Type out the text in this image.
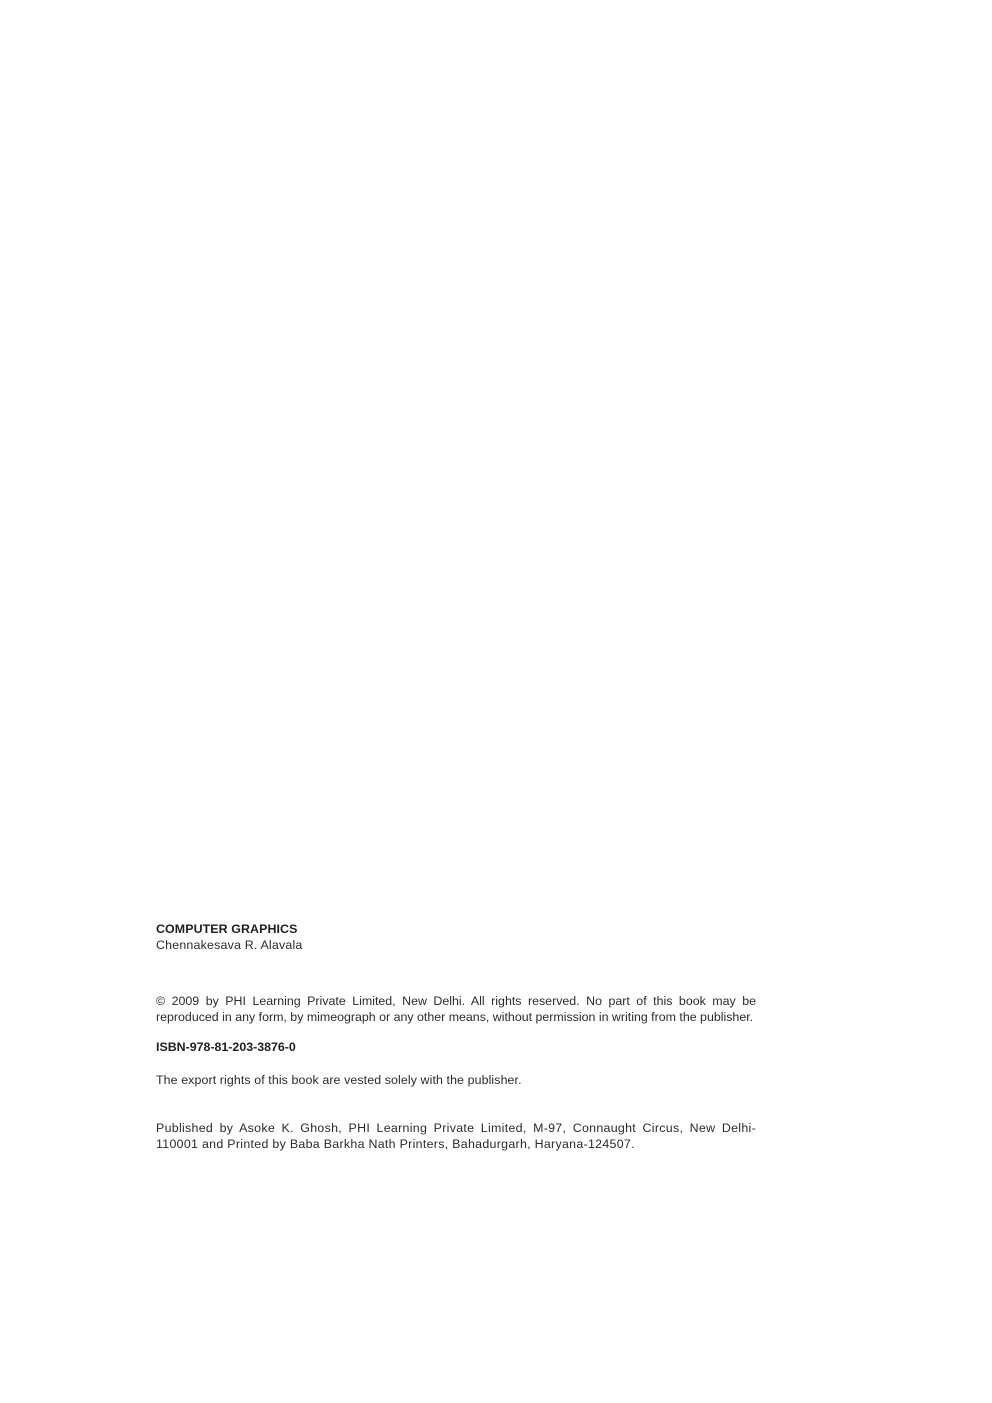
COMPUTER GRAPHICS

Chennakesava R. Alavala

© 2009 by PHI Learning Private Limited, New Delhi. All rights reserved. No part of this book may be reproduced in any form, by mimeograph or any other means, without permission in writing from the publisher.

ISBN-978-81-203-3876-0

The export rights of this book are vested solely with the publisher.

Published by Asoke K. Ghosh, PHI Learning Private Limited, M-97, Connaught Circus, New Delhi-110001 and Printed by Baba Barkha Nath Printers, Bahadurgarh, Haryana-124507.
